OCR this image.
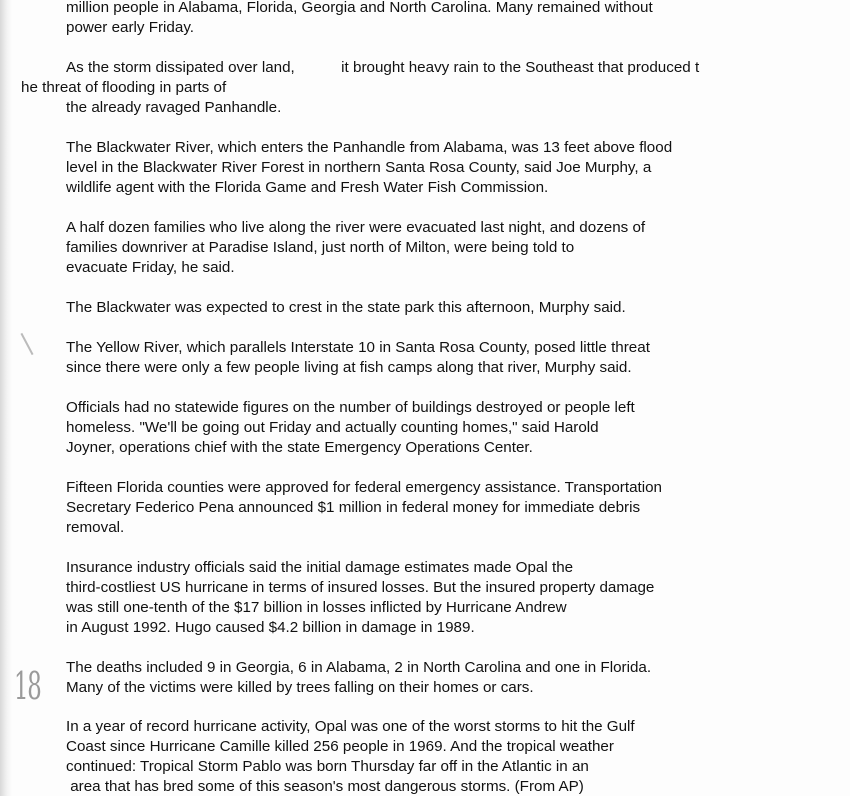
million people in Alabama, Florida, Georgia and North Carolina. Many remained without

power early Friday.

As the storm dissipated over land,           it brought heavy rain to the Southeast that produced t

he threat of flooding in parts of

the already ravaged Panhandle.

The Blackwater River, which enters the Panhandle from Alabama, was 13 feet above flood

level in the Blackwater River Forest in northern Santa Rosa County, said Joe Murphy, a

wildlife agent with the Florida Game and Fresh Water Fish Commission.

A half dozen families who live along the river were evacuated last night, and dozens of

families downriver at Paradise Island, just north of Milton, were being told to

evacuate Friday, he said.

The Blackwater was expected to crest in the state park this afternoon, Murphy said.

The Yellow River, which parallels Interstate 10 in Santa Rosa County, posed little threat

since there were only a few people living at fish camps along that river, Murphy said.

Officials had no statewide figures on the number of buildings destroyed or people left

homeless. "We'll be going out Friday and actually counting homes," said Harold

Joyner, operations chief with the state Emergency Operations Center.

Fifteen Florida counties were approved for federal emergency assistance. Transportation

Secretary Federico Pena announced $1 million in federal money for immediate debris

removal.

Insurance industry officials said the initial damage estimates made Opal the

third-costliest US hurricane in terms of insured losses. But the insured property damage

was still one-tenth of the $17 billion in losses inflicted by Hurricane Andrew

in August 1992. Hugo caused $4.2 billion in damage in 1989.

The deaths included 9 in Georgia, 6 in Alabama, 2 in North Carolina and one in Florida.

Many of the victims were killed by trees falling on their homes or cars.

In a year of record hurricane activity, Opal was one of the worst storms to hit the Gulf

Coast since Hurricane Camille killed 256 people in 1969. And the tropical weather

continued: Tropical Storm Pablo was born Thursday far off in the Atlantic in an

area that has bred some of this season's most dangerous storms. (From AP)

18
